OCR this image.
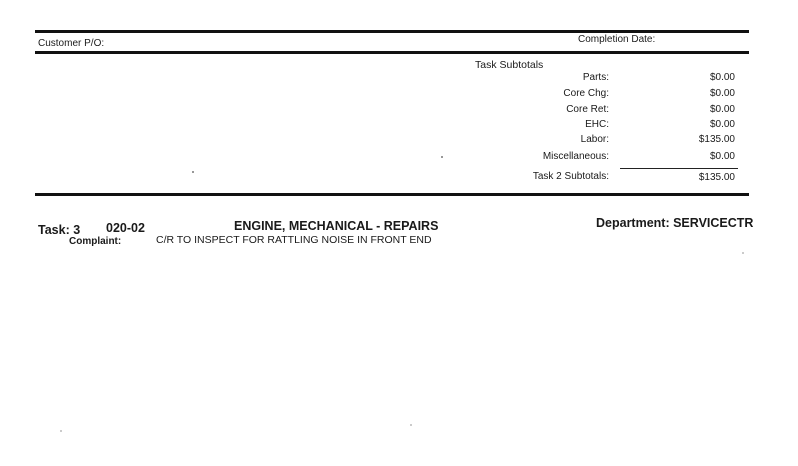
Customer P/O:	Completion Date:
Task Subtotals
Parts:	$0.00
Core Chg:	$0.00
Core Ret:	$0.00
EHC:	$0.00
Labor:	$135.00
Miscellaneous:	$0.00
Task 2 Subtotals:	$135.00
Task: 3 020-02	ENGINE, MECHANICAL - REPAIRS	Department: SERVICECTR
Complaint:	C/R TO INSPECT FOR RATTLING NOISE IN FRONT END
